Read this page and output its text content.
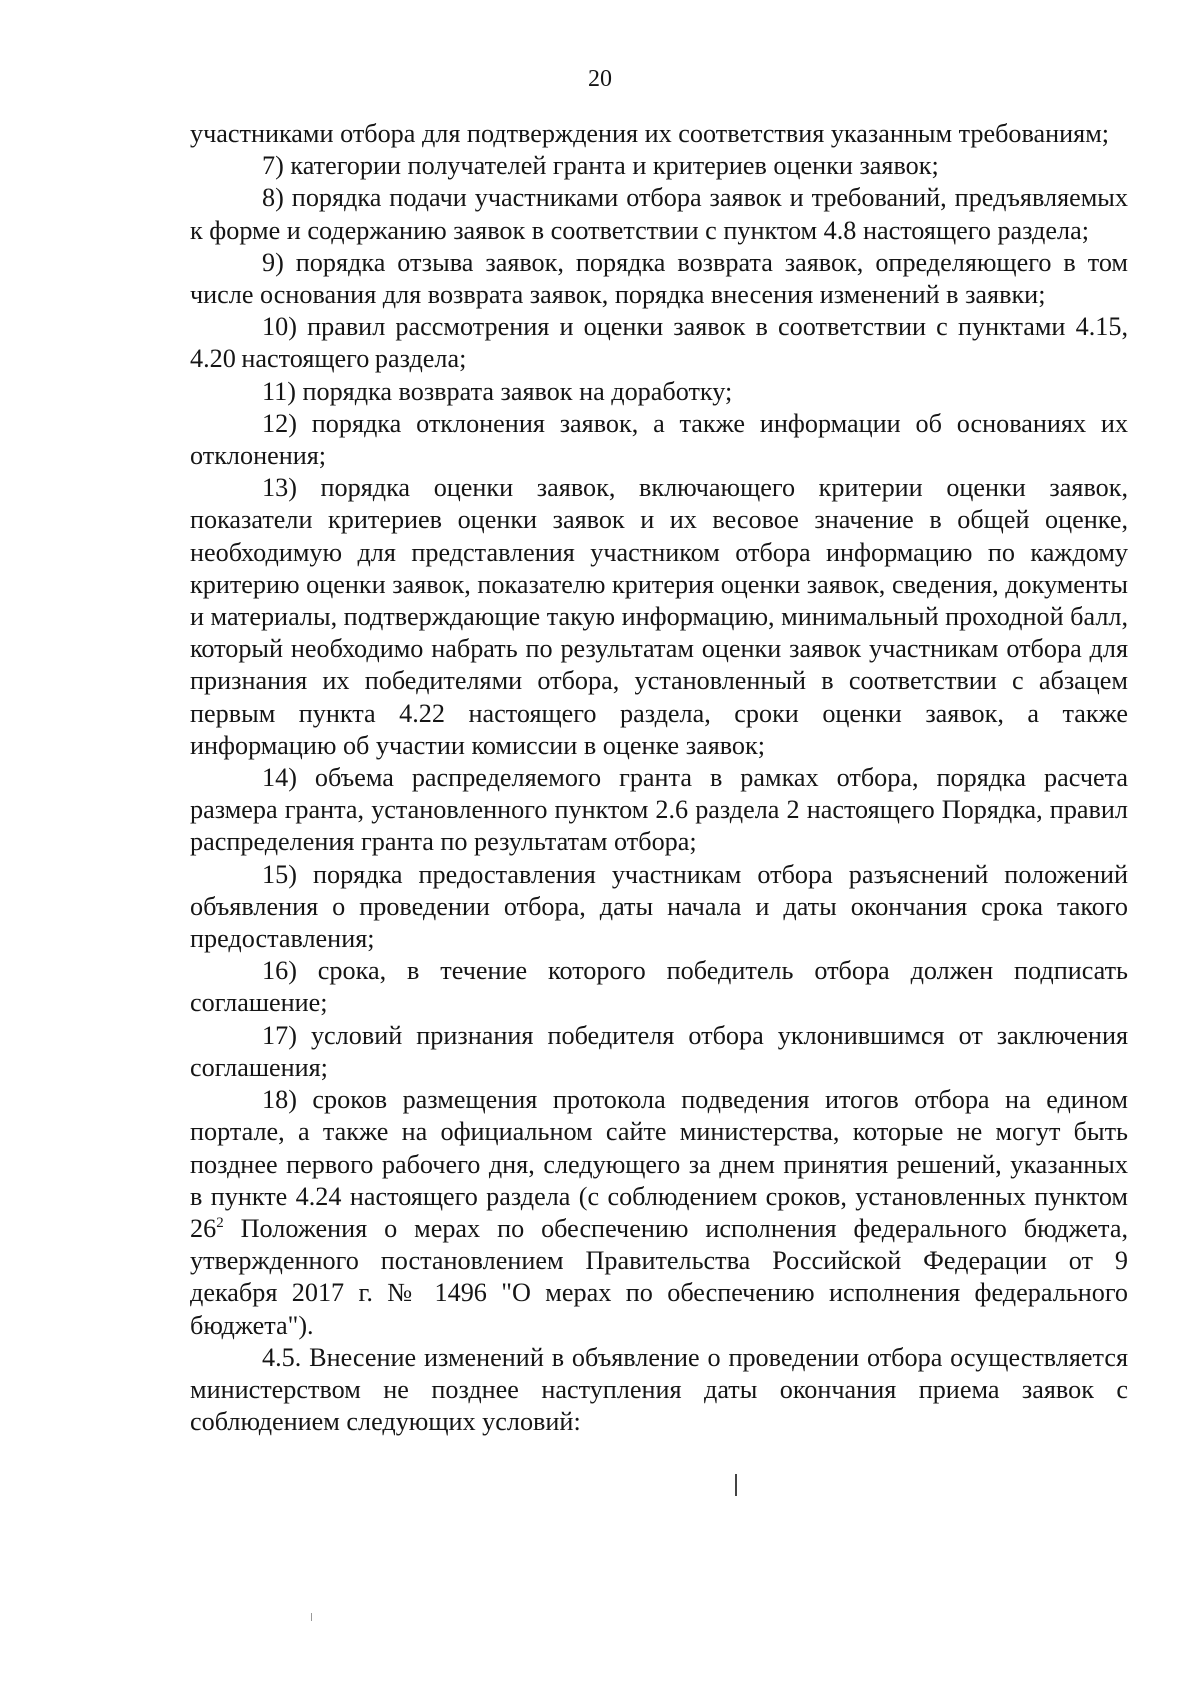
20

участниками отбора для подтверждения их соответствия указанным требованиям;

7) категории получателей гранта и критериев оценки заявок;

8) порядка подачи участниками отбора заявок и требований, предъявляемых к форме и содержанию заявок в соответствии с пунктом 4.8 настоящего раздела;

9) порядка отзыва заявок, порядка возврата заявок, определяющего в том числе основания для возврата заявок, порядка внесения изменений в заявки;

10) правил рассмотрения и оценки заявок в соответствии с пунктами 4.15, 4.20 настоящего раздела;

11) порядка возврата заявок на доработку;

12) порядка отклонения заявок, а также информации об основаниях их отклонения;

13) порядка оценки заявок, включающего критерии оценки заявок, показатели критериев оценки заявок и их весовое значение в общей оценке, необходимую для представления участником отбора информацию по каждому критерию оценки заявок, показателю критерия оценки заявок, сведения, документы и материалы, подтверждающие такую информацию, минимальный проходной балл, который необходимо набрать по результатам оценки заявок участникам отбора для признания их победителями отбора, установленный в соответствии с абзацем первым пункта 4.22 настоящего раздела, сроки оценки заявок, а также информацию об участии комиссии в оценке заявок;

14) объема распределяемого гранта в рамках отбора, порядка расчета размера гранта, установленного пунктом 2.6 раздела 2 настоящего Порядка, правил распределения гранта по результатам отбора;

15) порядка предоставления участникам отбора разъяснений положений объявления о проведении отбора, даты начала и даты окончания срока такого предоставления;

16) срока, в течение которого победитель отбора должен подписать соглашение;

17) условий признания победителя отбора уклонившимся от заключения соглашения;

18) сроков размещения протокола подведения итогов отбора на едином портале, а также на официальном сайте министерства, которые не могут быть позднее первого рабочего дня, следующего за днем принятия решений, указанных в пункте 4.24 настоящего раздела (с соблюдением сроков, установленных пунктом $26^2$ Положения о мерах по обеспечению исполнения федерального бюджета, утвержденного постановлением Правительства Российской Федерации от 9 декабря 2017 г. № 1496 "О мерах по обеспечению исполнения федерального бюджета").

4.5. Внесение изменений в объявление о проведении отбора осуществляется министерством не позднее наступления даты окончания приема заявок с соблюдением следующих условий:
